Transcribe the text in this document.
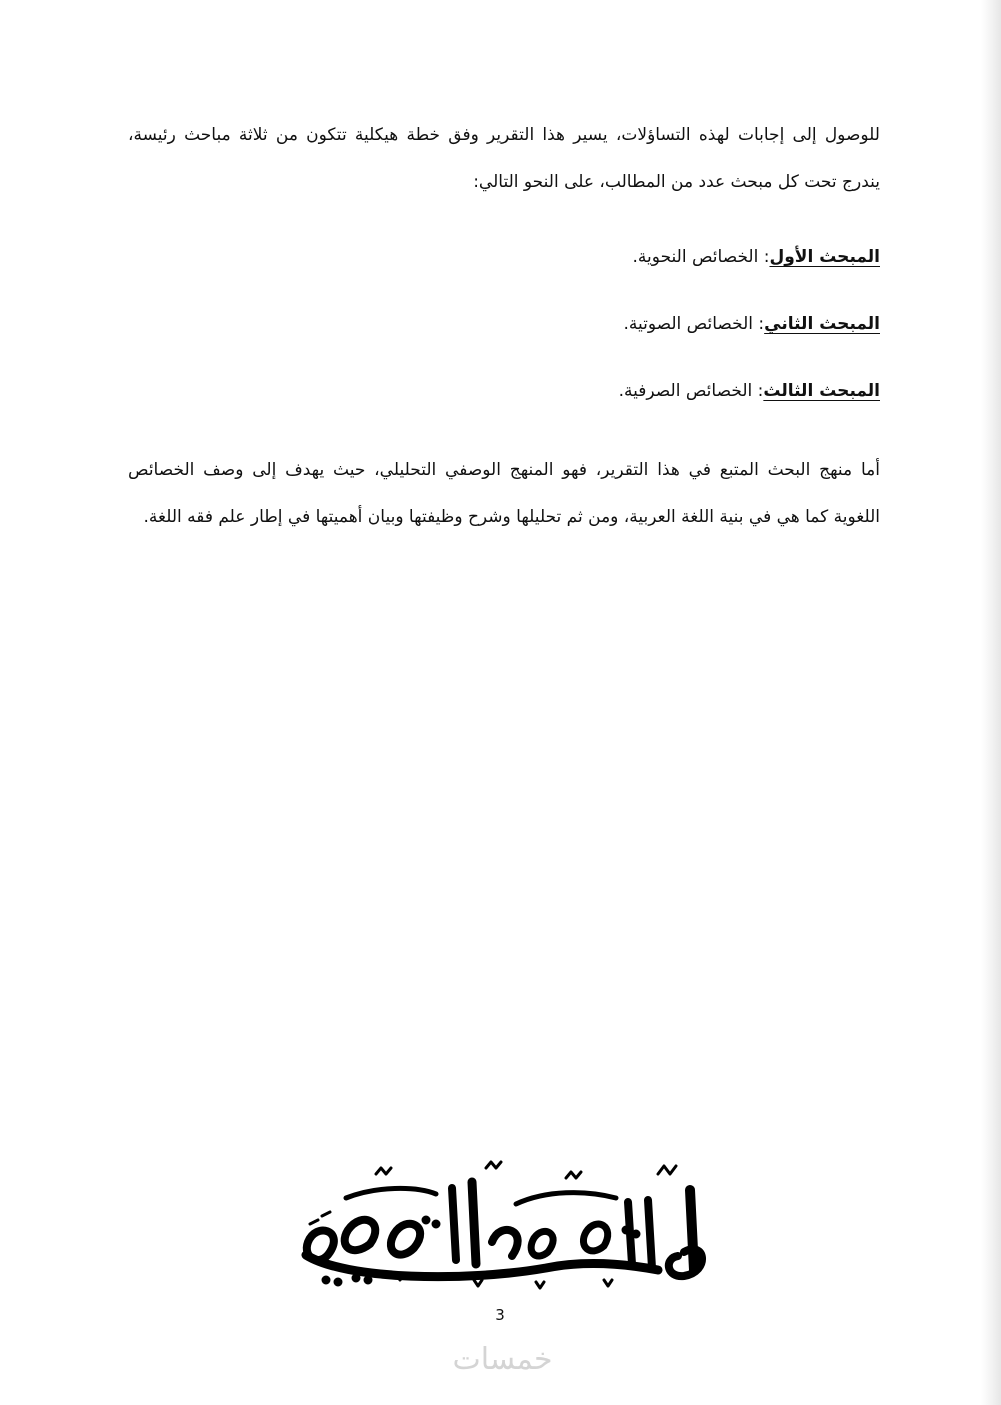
للوصول إلى إجابات لهذه التساؤلات، يسير هذا التقرير وفق خطة هيكلية تتكون من ثلاثة مباحث رئيسة،

يندرج تحت كل مبحث عدد من المطالب، على النحو التالي:

المبحث الأول: الخصائص النحوية.

المبحث الثاني: الخصائص الصوتية.

المبحث الثالث: الخصائص الصرفية.

أما منهج البحث المتبع في هذا التقرير، فهو المنهج الوصفي التحليلي، حيث يهدف إلى وصف الخصائص

اللغوية كما هي في بنية اللغة العربية، ومن ثم تحليلها وشرح وظيفتها وبيان أهميتها في إطار علم فقه اللغة.

3
خمسات
